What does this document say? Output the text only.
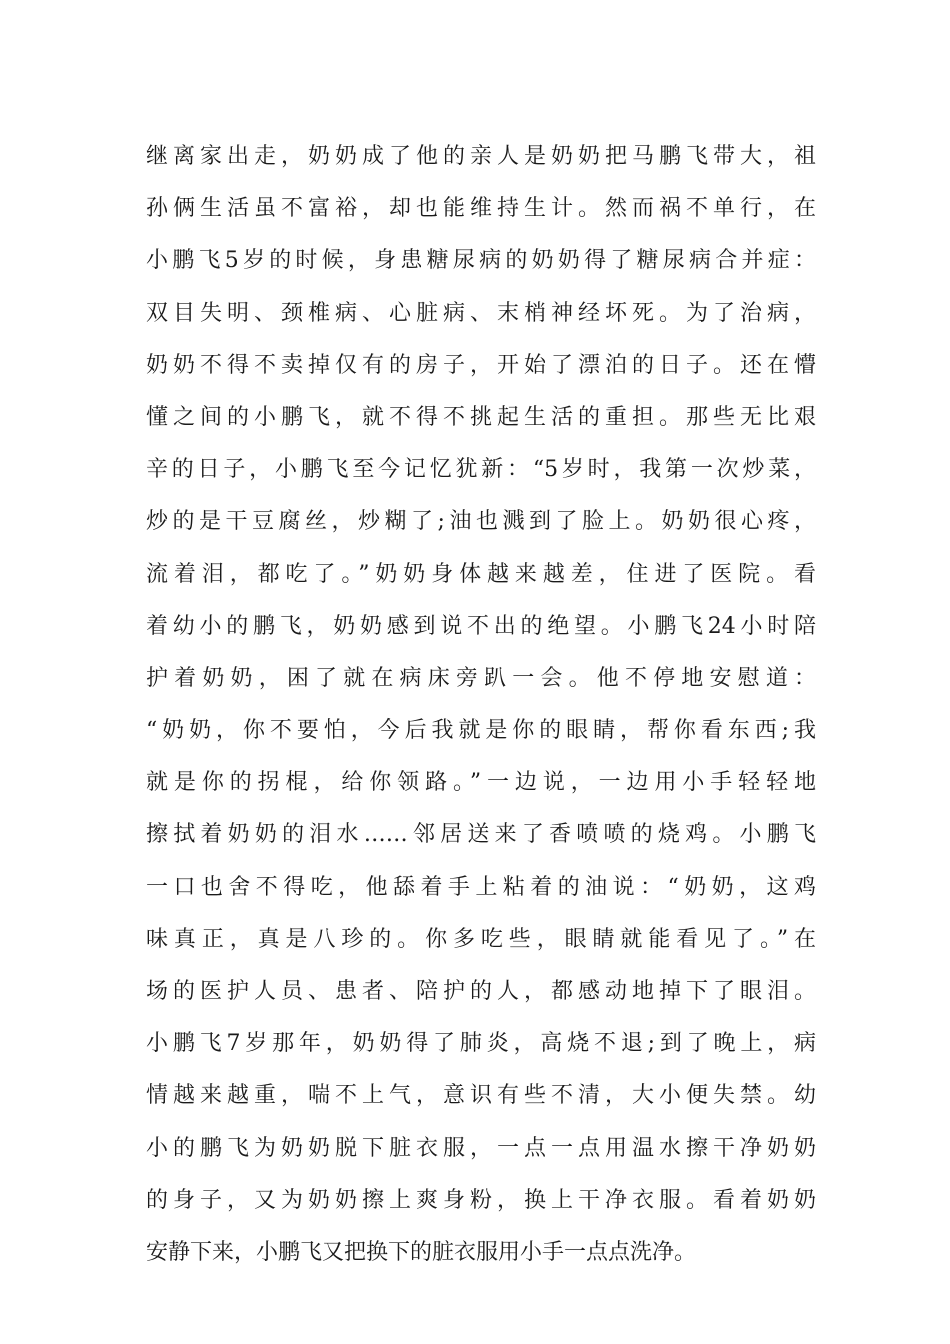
继离家出走，奶奶成了他的亲人是奶奶把马鹏飞带大，祖
孙俩生活虽不富裕，却也能维持生计。然而祸不单行，在
小鹏飞5岁的时候，身患糖尿病的奶奶得了糖尿病合并症：
双目失明、颈椎病、心脏病、末梢神经坏死。为了治病，
奶奶不得不卖掉仅有的房子，开始了漂泊的日子。还在懵
懂之间的小鹏飞，就不得不挑起生活的重担。那些无比艰
辛的日子，小鹏飞至今记忆犹新：“5岁时，我第一次炒菜，
炒的是干豆腐丝，炒糊了;油也溅到了脸上。奶奶很心疼，
流着泪，都吃了。”奶奶身体越来越差，住进了医院。看
着幼小的鹏飞，奶奶感到说不出的绝望。小鹏飞24小时陪
护着奶奶，困了就在病床旁趴一会。他不停地安慰道：
“奶奶，你不要怕，今后我就是你的眼睛，帮你看东西;我
就是你的拐棍，给你领路。”一边说，一边用小手轻轻地
擦拭着奶奶的泪水……邻居送来了香喷喷的烧鸡。小鹏飞
一口也舍不得吃，他舔着手上粘着的油说：“奶奶，这鸡
味真正，真是八珍的。你多吃些，眼睛就能看见了。”在
场的医护人员、患者、陪护的人，都感动地掉下了眼泪。
小鹏飞7岁那年，奶奶得了肺炎，高烧不退;到了晚上，病
情越来越重，喘不上气，意识有些不清，大小便失禁。幼
小的鹏飞为奶奶脱下脏衣服，一点一点用温水擦干净奶奶
的身子，又为奶奶擦上爽身粉，换上干净衣服。看着奶奶
安静下来，小鹏飞又把换下的脏衣服用小手一点点洗净。
